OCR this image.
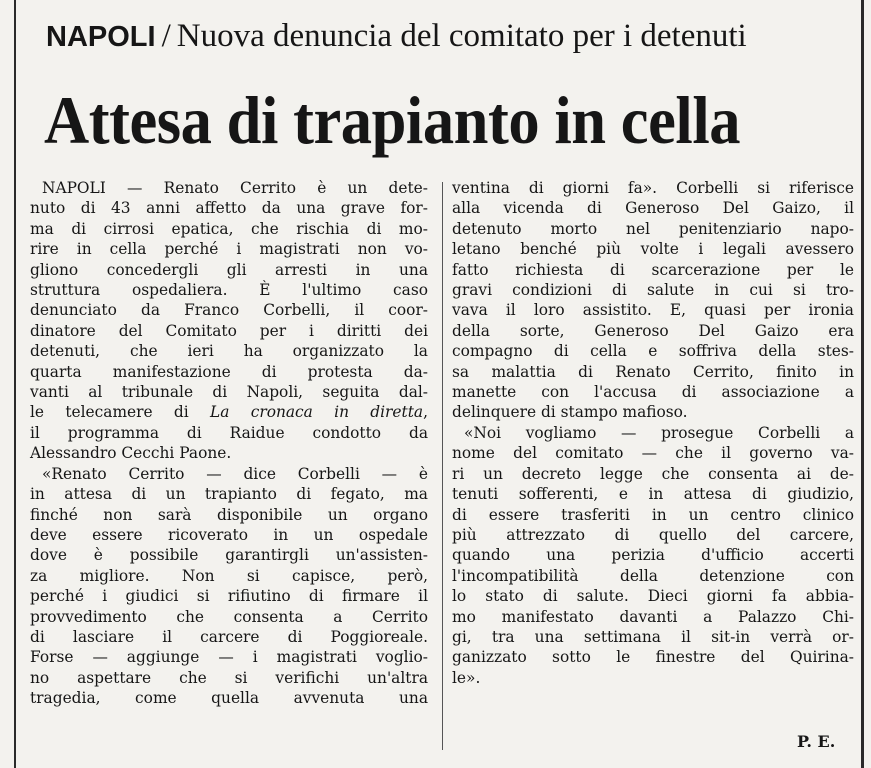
NAPOLI / Nuova denuncia del comitato per i detenuti
Attesa di trapianto in cella
NAPOLI — Renato Cerrito è un dete-
nuto di 43 anni affetto da una grave for-
ma di cirrosi epatica, che rischia di mo-
rire in cella perché i magistrati non vo-
gliono concedergli gli arresti in una
struttura ospedaliera. È l'ultimo caso
denunciato da Franco Corbelli, il coor-
dinatore del Comitato per i diritti dei
detenuti, che ieri ha organizzato la
quarta manifestazione di protesta da-
vanti al tribunale di Napoli, seguita dal-
le telecamere di La cronaca in diretta,
il programma di Raidue condotto da
Alessandro Cecchi Paone.
«Renato Cerrito — dice Corbelli — è
in attesa di un trapianto di fegato, ma
finché non sarà disponibile un organo
deve essere ricoverato in un ospedale
dove è possibile garantirgli un'assisten-
za migliore. Non si capisce, però,
perché i giudici si rifiutino di firmare il
provvedimento che consenta a Cerrito
di lasciare il carcere di Poggioreale.
Forse — aggiunge — i magistrati voglio-
no aspettare che si verifichi un'altra
tragedia, come quella avvenuta una
ventina di giorni fa». Corbelli si riferisce
alla vicenda di Generoso Del Gaizo, il
detenuto morto nel penitenziario napo-
letano benché più volte i legali avessero
fatto richiesta di scarcerazione per le
gravi condizioni di salute in cui si tro-
vava il loro assistito. E, quasi per ironia
della sorte, Generoso Del Gaizo era
compagno di cella e soffriva della stes-
sa malattia di Renato Cerrito, finito in
manette con l'accusa di associazione a
delinquere di stampo mafioso.
«Noi vogliamo — prosegue Corbelli a
nome del comitato — che il governo va-
ri un decreto legge che consenta ai de-
tenuti sofferenti, e in attesa di giudizio,
di essere trasferiti in un centro clinico
più attrezzato di quello del carcere,
quando una perizia d'ufficio accerti
l'incompatibilità della detenzione con
lo stato di salute. Dieci giorni fa abbia-
mo manifestato davanti a Palazzo Chi-
gi, tra una settimana il sit-in verrà or-
ganizzato sotto le finestre del Quirina-
le».
P. E.
